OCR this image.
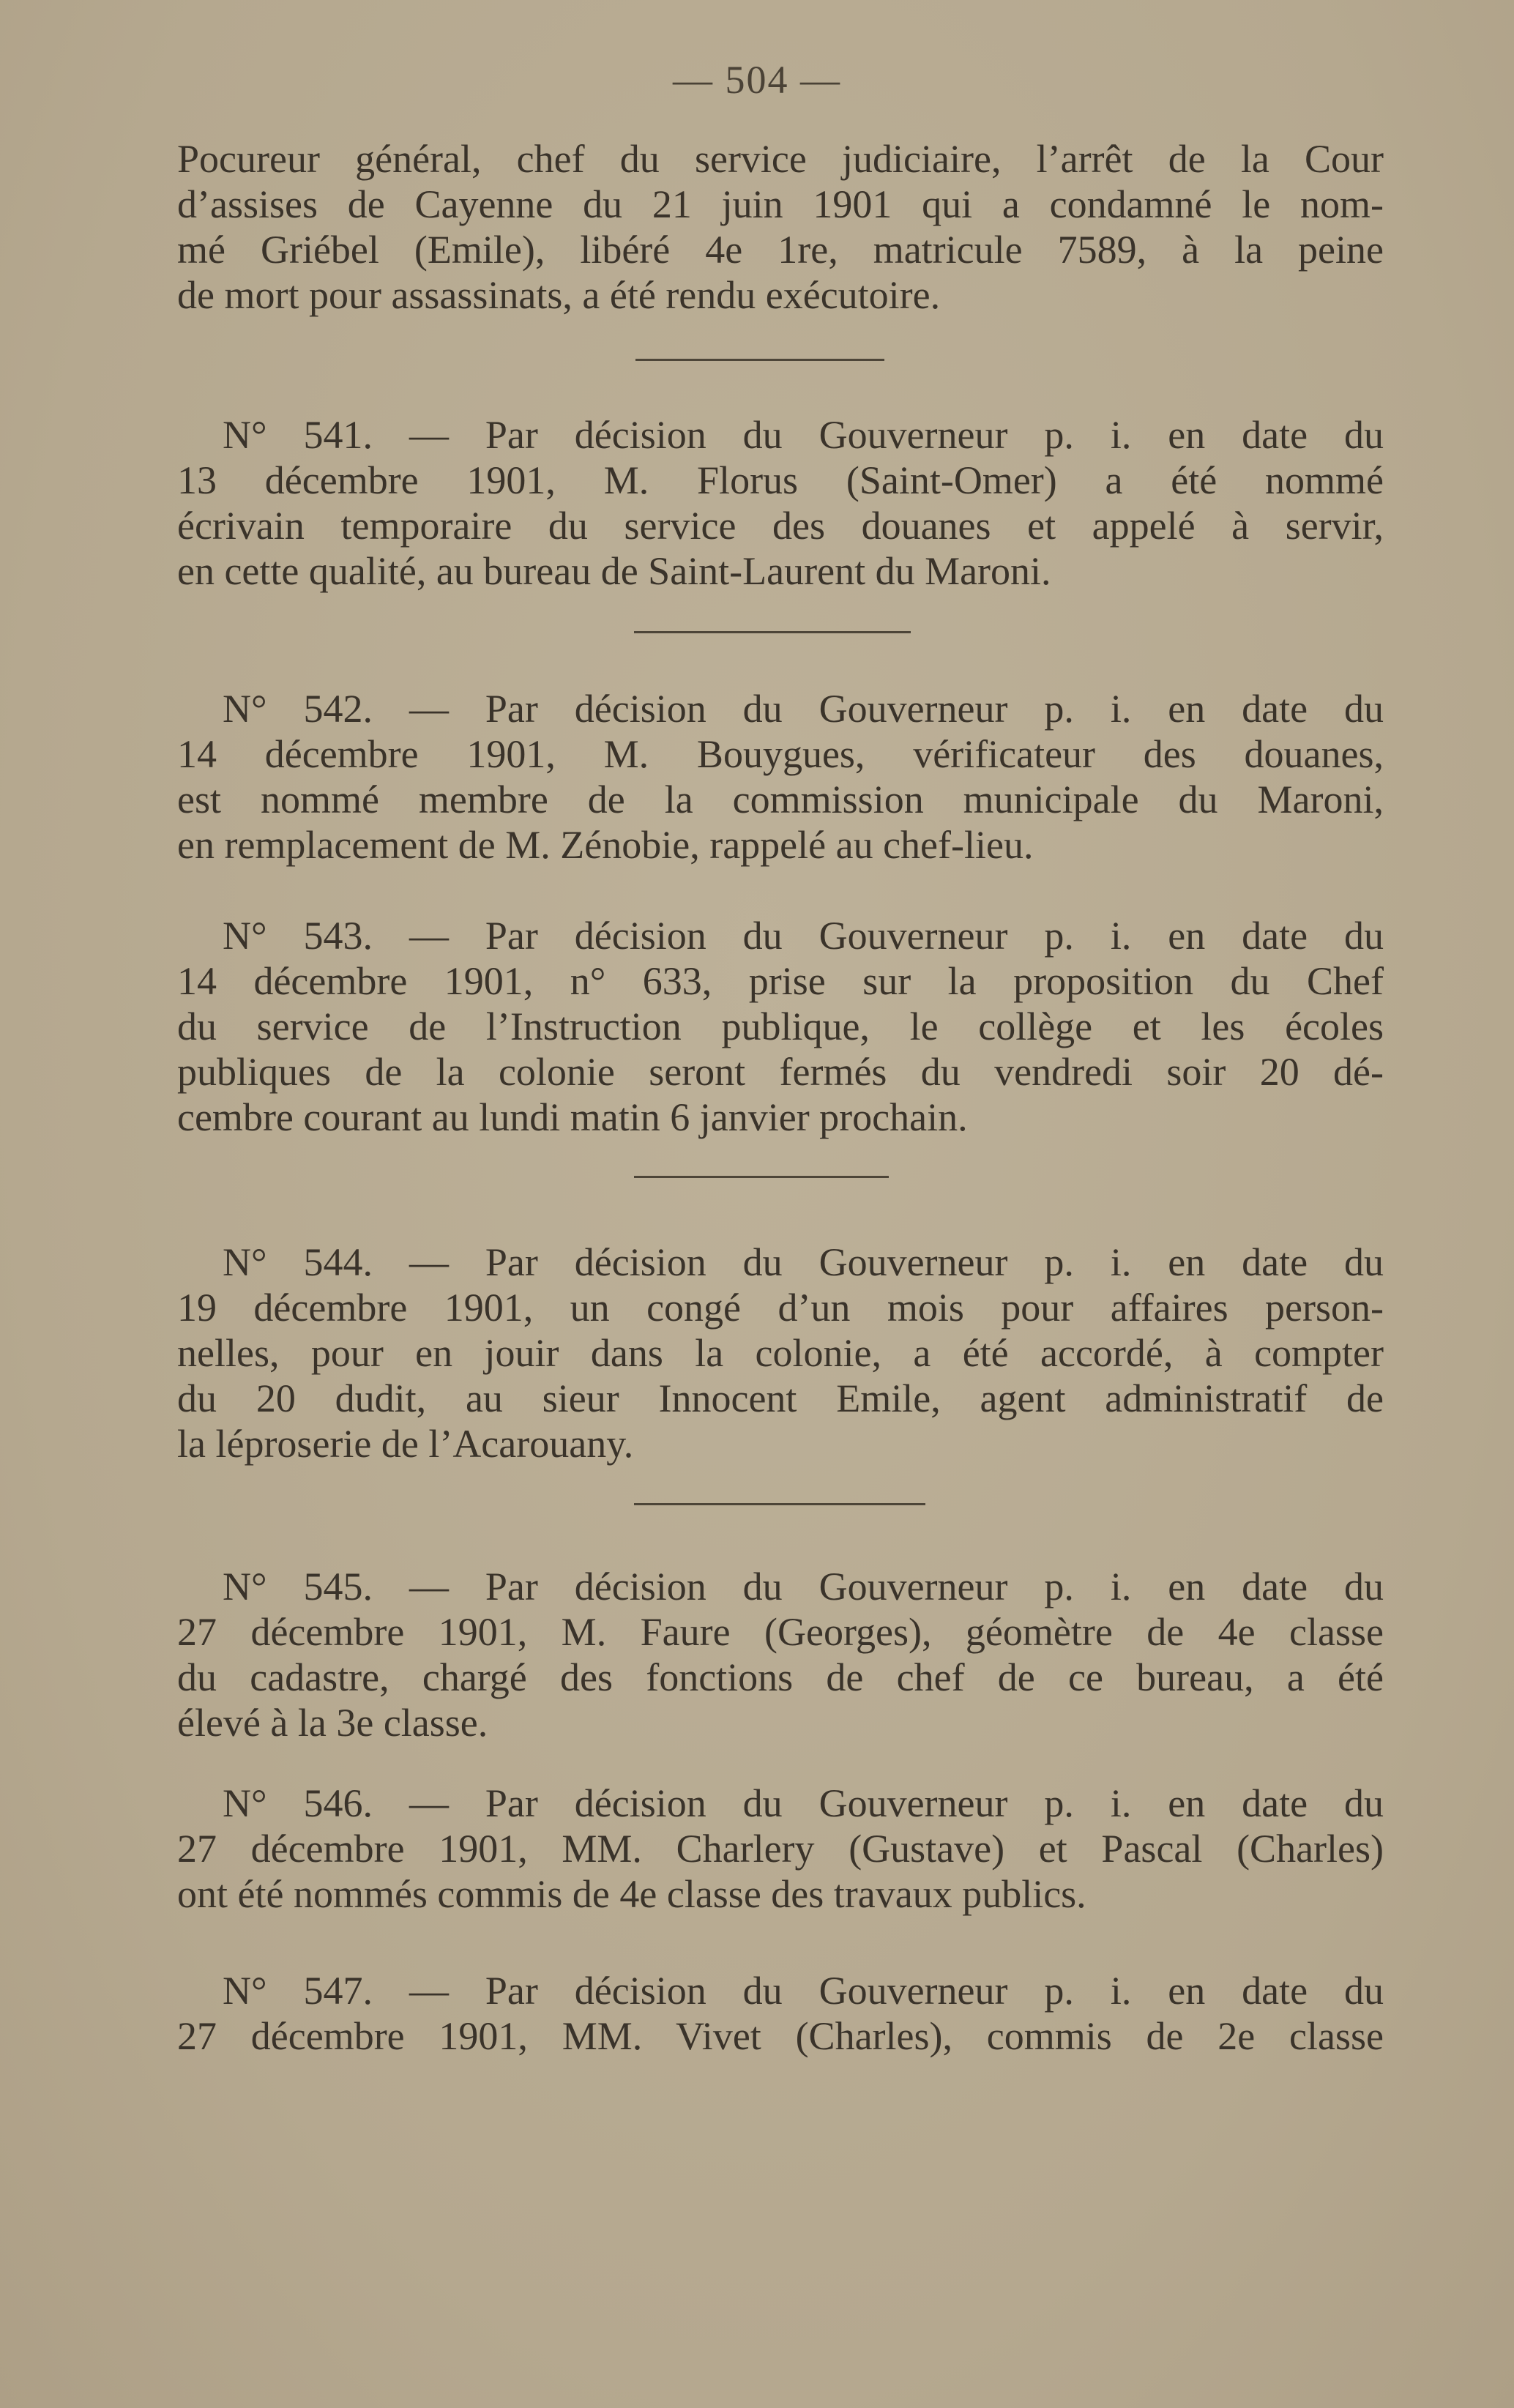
— 504 —
Pocureur général, chef du service judiciaire, l’arrêt de la Cour
d’assises de Cayenne du 21 juin 1901 qui a condamné le nom-
mé Griébel (Emile), libéré 4e 1re, matricule 7589, à la peine
de mort pour assassinats, a été rendu exécutoire.
N° 541. — Par décision du Gouverneur p. i. en date du
13 décembre 1901, M. Florus (Saint-Omer) a été nommé
écrivain temporaire du service des douanes et appelé à servir,
en cette qualité, au bureau de Saint-Laurent du Maroni.
N° 542. — Par décision du Gouverneur p. i. en date du
14 décembre 1901, M. Bouygues, vérificateur des douanes,
est nommé membre de la commission municipale du Maroni,
en remplacement de M. Zénobie, rappelé au chef-lieu.
N° 543. — Par décision du Gouverneur p. i. en date du
14 décembre 1901, n° 633, prise sur la proposition du Chef
du service de l’Instruction publique, le collège et les écoles
publiques de la colonie seront fermés du vendredi soir 20 dé-
cembre courant au lundi matin 6 janvier prochain.
N° 544. — Par décision du Gouverneur p. i. en date du
19 décembre 1901, un congé d’un mois pour affaires person-
nelles, pour en jouir dans la colonie, a été accordé, à compter
du 20 dudit, au sieur Innocent Emile, agent administratif de
la léproserie de l’Acarouany.
N° 545. — Par décision du Gouverneur p. i. en date du
27 décembre 1901, M. Faure (Georges), géomètre de 4e classe
du cadastre, chargé des fonctions de chef de ce bureau, a été
élevé à la 3e classe.
N° 546. — Par décision du Gouverneur p. i. en date du
27 décembre 1901, MM. Charlery (Gustave) et Pascal (Charles)
ont été nommés commis de 4e classe des travaux publics.
N° 547. — Par décision du Gouverneur p. i. en date du
27 décembre 1901, MM. Vivet (Charles), commis de 2e classe
